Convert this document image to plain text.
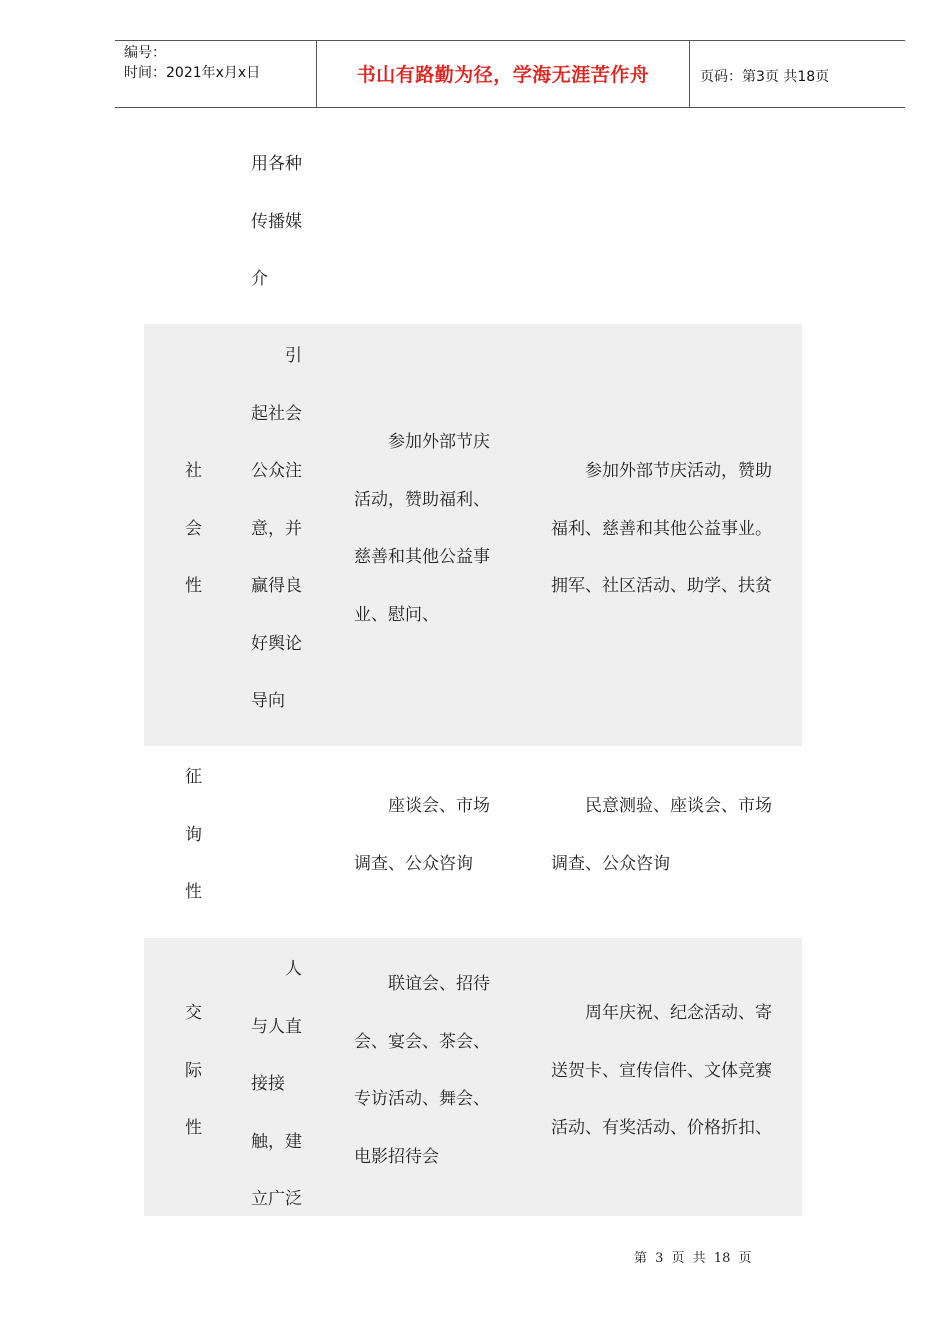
编号：
时间：2021年x月x日	书山有路勤为径，学海无涯苦作舟	页码：第3页 共18页
用各种
传播媒
介
社
会
性
引
起社会
公众注
意，并
赢得良
好舆论
导向
参加外部节庆
活动，赞助福利、
慈善和其他公益事
业、慰问、
参加外部节庆活动，赞助
福利、慈善和其他公益事业。
拥军、社区活动、助学、扶贫
征
询
性
座谈会、市场
调查、公众咨询
民意测验、座谈会、市场
调查、公众咨询
交
际
性
人
与人直
接接
触，建
立广泛
联谊会、招待
会、宴会、茶会、
专访活动、舞会、
电影招待会
周年庆祝、纪念活动、寄
送贺卡、宣传信件、文体竞赛
活动、有奖活动、价格折扣、
第 3 页 共 18 页
